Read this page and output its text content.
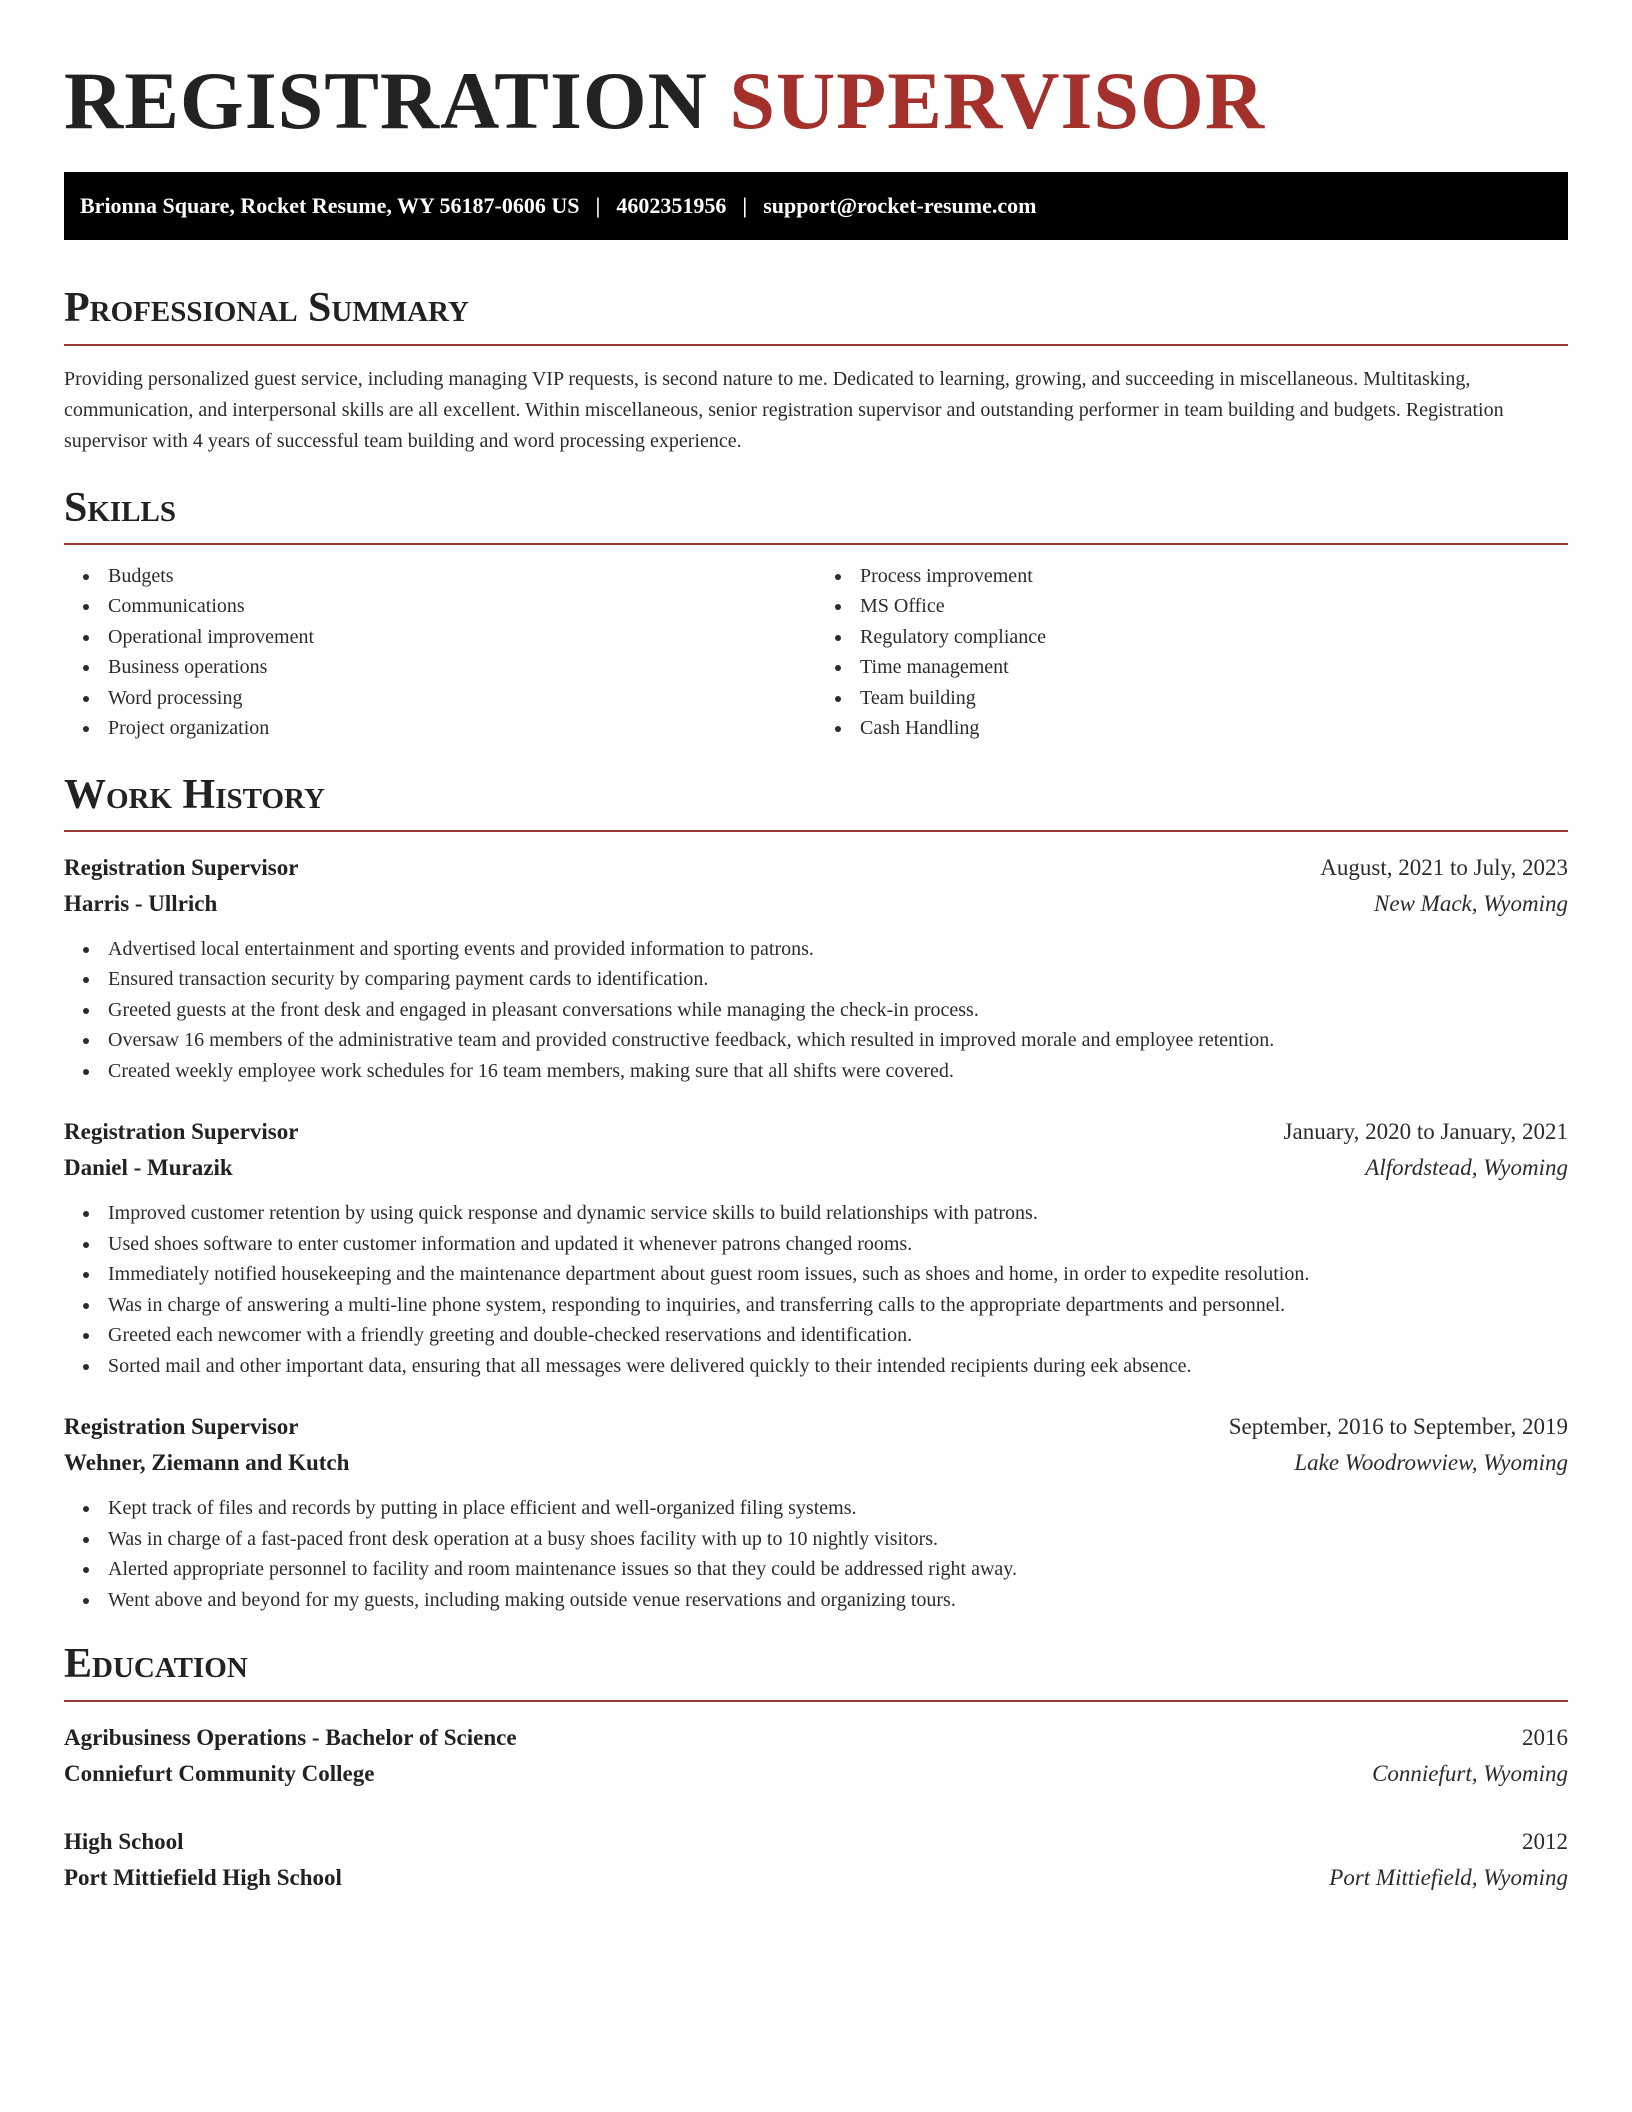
REGISTRATION SUPERVISOR
Brionna Square, Rocket Resume, WY 56187-0606 US | 4602351956 | support@rocket-resume.com
Professional Summary

Providing personalized guest service, including managing VIP requests, is second nature to me. Dedicated to learning, growing, and succeeding in miscellaneous. Multitasking, communication, and interpersonal skills are all excellent. Within miscellaneous, senior registration supervisor and outstanding performer in team building and budgets. Registration supervisor with 4 years of successful team building and word processing experience.

Skills
Budgets
Communications
Operational improvement
Business operations
Word processing
Project organization
Process improvement
MS Office
Regulatory compliance
Time management
Team building
Cash Handling
Work History
Registration Supervisor	August, 2021 to July, 2023
Harris - Ullrich	New Mack, Wyoming
Advertised local entertainment and sporting events and provided information to patrons.
Ensured transaction security by comparing payment cards to identification.
Greeted guests at the front desk and engaged in pleasant conversations while managing the check-in process.
Oversaw 16 members of the administrative team and provided constructive feedback, which resulted in improved morale and employee retention.
Created weekly employee work schedules for 16 team members, making sure that all shifts were covered.
Registration Supervisor	January, 2020 to January, 2021
Daniel - Murazik	Alfordstead, Wyoming
Improved customer retention by using quick response and dynamic service skills to build relationships with patrons.
Used shoes software to enter customer information and updated it whenever patrons changed rooms.
Immediately notified housekeeping and the maintenance department about guest room issues, such as shoes and home, in order to expedite resolution.
Was in charge of answering a multi-line phone system, responding to inquiries, and transferring calls to the appropriate departments and personnel.
Greeted each newcomer with a friendly greeting and double-checked reservations and identification.
Sorted mail and other important data, ensuring that all messages were delivered quickly to their intended recipients during eek absence.
Registration Supervisor	September, 2016 to September, 2019
Wehner, Ziemann and Kutch	Lake Woodrowview, Wyoming
Kept track of files and records by putting in place efficient and well-organized filing systems.
Was in charge of a fast-paced front desk operation at a busy shoes facility with up to 10 nightly visitors.
Alerted appropriate personnel to facility and room maintenance issues so that they could be addressed right away.
Went above and beyond for my guests, including making outside venue reservations and organizing tours.
Education
Agribusiness Operations - Bachelor of Science	2016
Conniefurt Community College	Conniefurt, Wyoming
High School	2012
Port Mittiefield High School	Port Mittiefield, Wyoming
